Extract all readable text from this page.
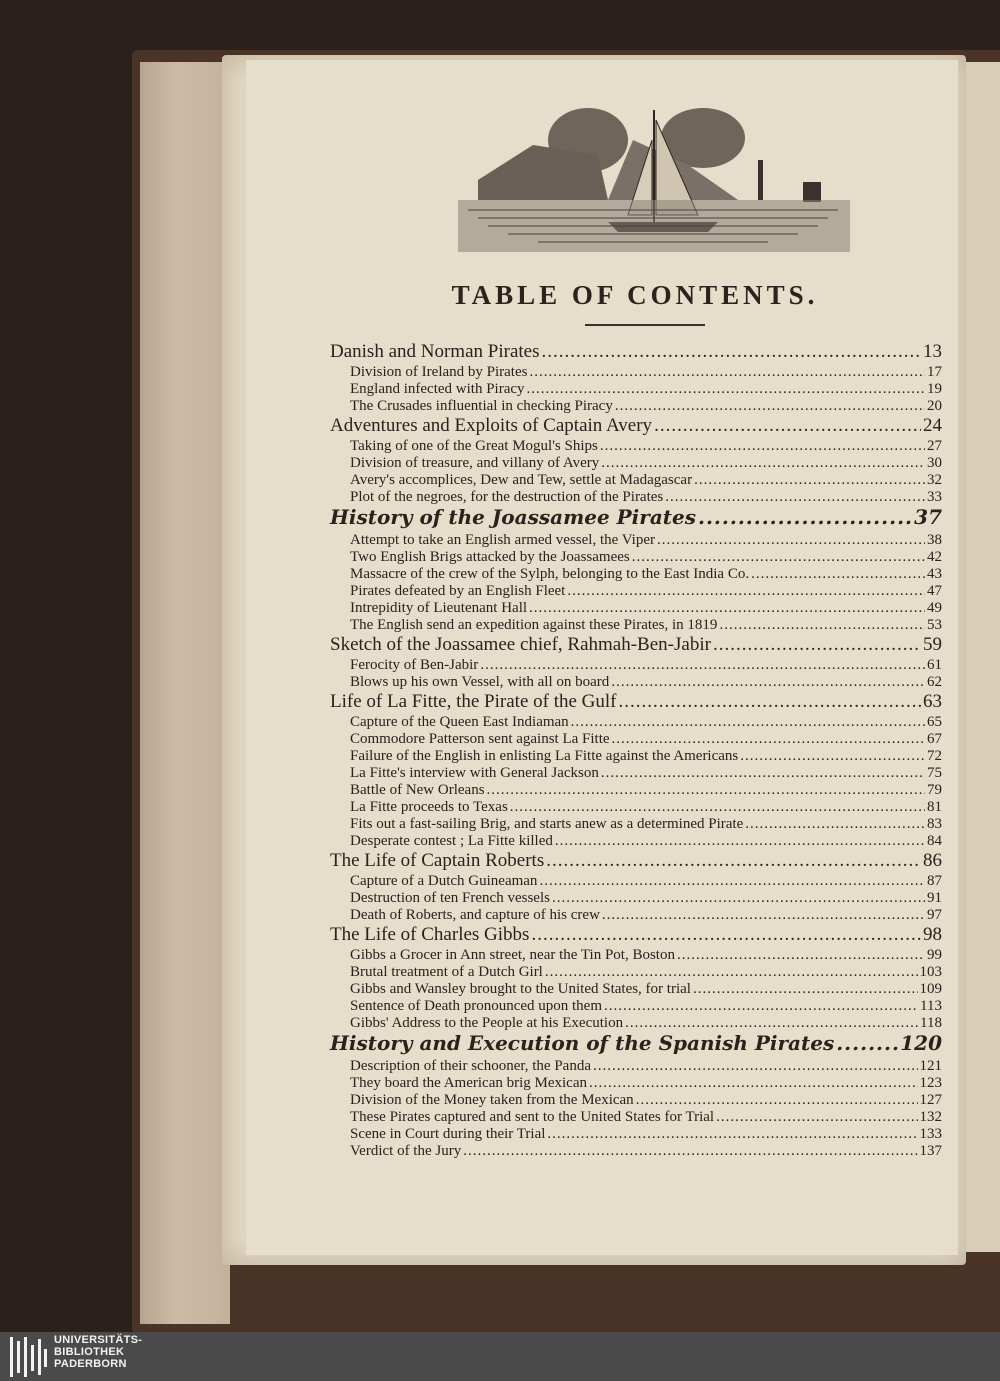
TABLE OF CONTENTS.
Danish and Norman Pirates .....	13
Division of Ireland by Pirates .....	17
England infected with Piracy .....	19
The Crusades influential in checking Piracy .....	20
Adventures and Exploits of Captain Avery .....	24
Taking of one of the Great Mogul's Ships .....	27
Division of treasure, and villany of Avery .....	30
Avery's accomplices, Dew and Tew, settle at Madagascar .....	32
Plot of the negroes, for the destruction of the Pirates .....	33
History of the Joassamee Pirates .....	37
Attempt to take an English armed vessel, the Viper .....	38
Two English Brigs attacked by the Joassamees .....	42
Massacre of the crew of the Sylph, belonging to the East India Co. .....	43
Pirates defeated by an English Fleet .....	47
Intrepidity of Lieutenant Hall .....	49
The English send an expedition against these Pirates, in 1819 .....	53
Sketch of the Joassamee chief, Rahmah-Ben-Jabir .....	59
Ferocity of Ben-Jabir .....	61
Blows up his own Vessel, with all on board .....	62
Life of La Fitte, the Pirate of the Gulf .....	63
Capture of the Queen East Indiaman .....	65
Commodore Patterson sent against La Fitte .....	67
Failure of the English in enlisting La Fitte against the Americans .....	72
La Fitte's interview with General Jackson .....	75
Battle of New Orleans .....	79
La Fitte proceeds to Texas .....	81
Fits out a fast-sailing Brig, and starts anew as a determined Pirate .....	83
Desperate contest ; La Fitte killed .....	84
The Life of Captain Roberts .....	86
Capture of a Dutch Guineaman .....	87
Destruction of ten French vessels .....	91
Death of Roberts, and capture of his crew .....	97
The Life of Charles Gibbs .....	98
Gibbs a Grocer in Ann street, near the Tin Pot, Boston .....	99
Brutal treatment of a Dutch Girl .....	103
Gibbs and Wansley brought to the United States, for trial .....	109
Sentence of Death pronounced upon them .....	113
Gibbs' Address to the People at his Execution .....	118
History and Execution of the Spanish Pirates .....	120
Description of their schooner, the Panda .....	121
They board the American brig Mexican .....	123
Division of the Money taken from the Mexican .....	127
These Pirates captured and sent to the United States for Trial .....	132
Scene in Court during their Trial .....	133
Verdict of the Jury .....	137
UNIVERSITÄTS-
BIBLIOTHEK
PADERBORN
